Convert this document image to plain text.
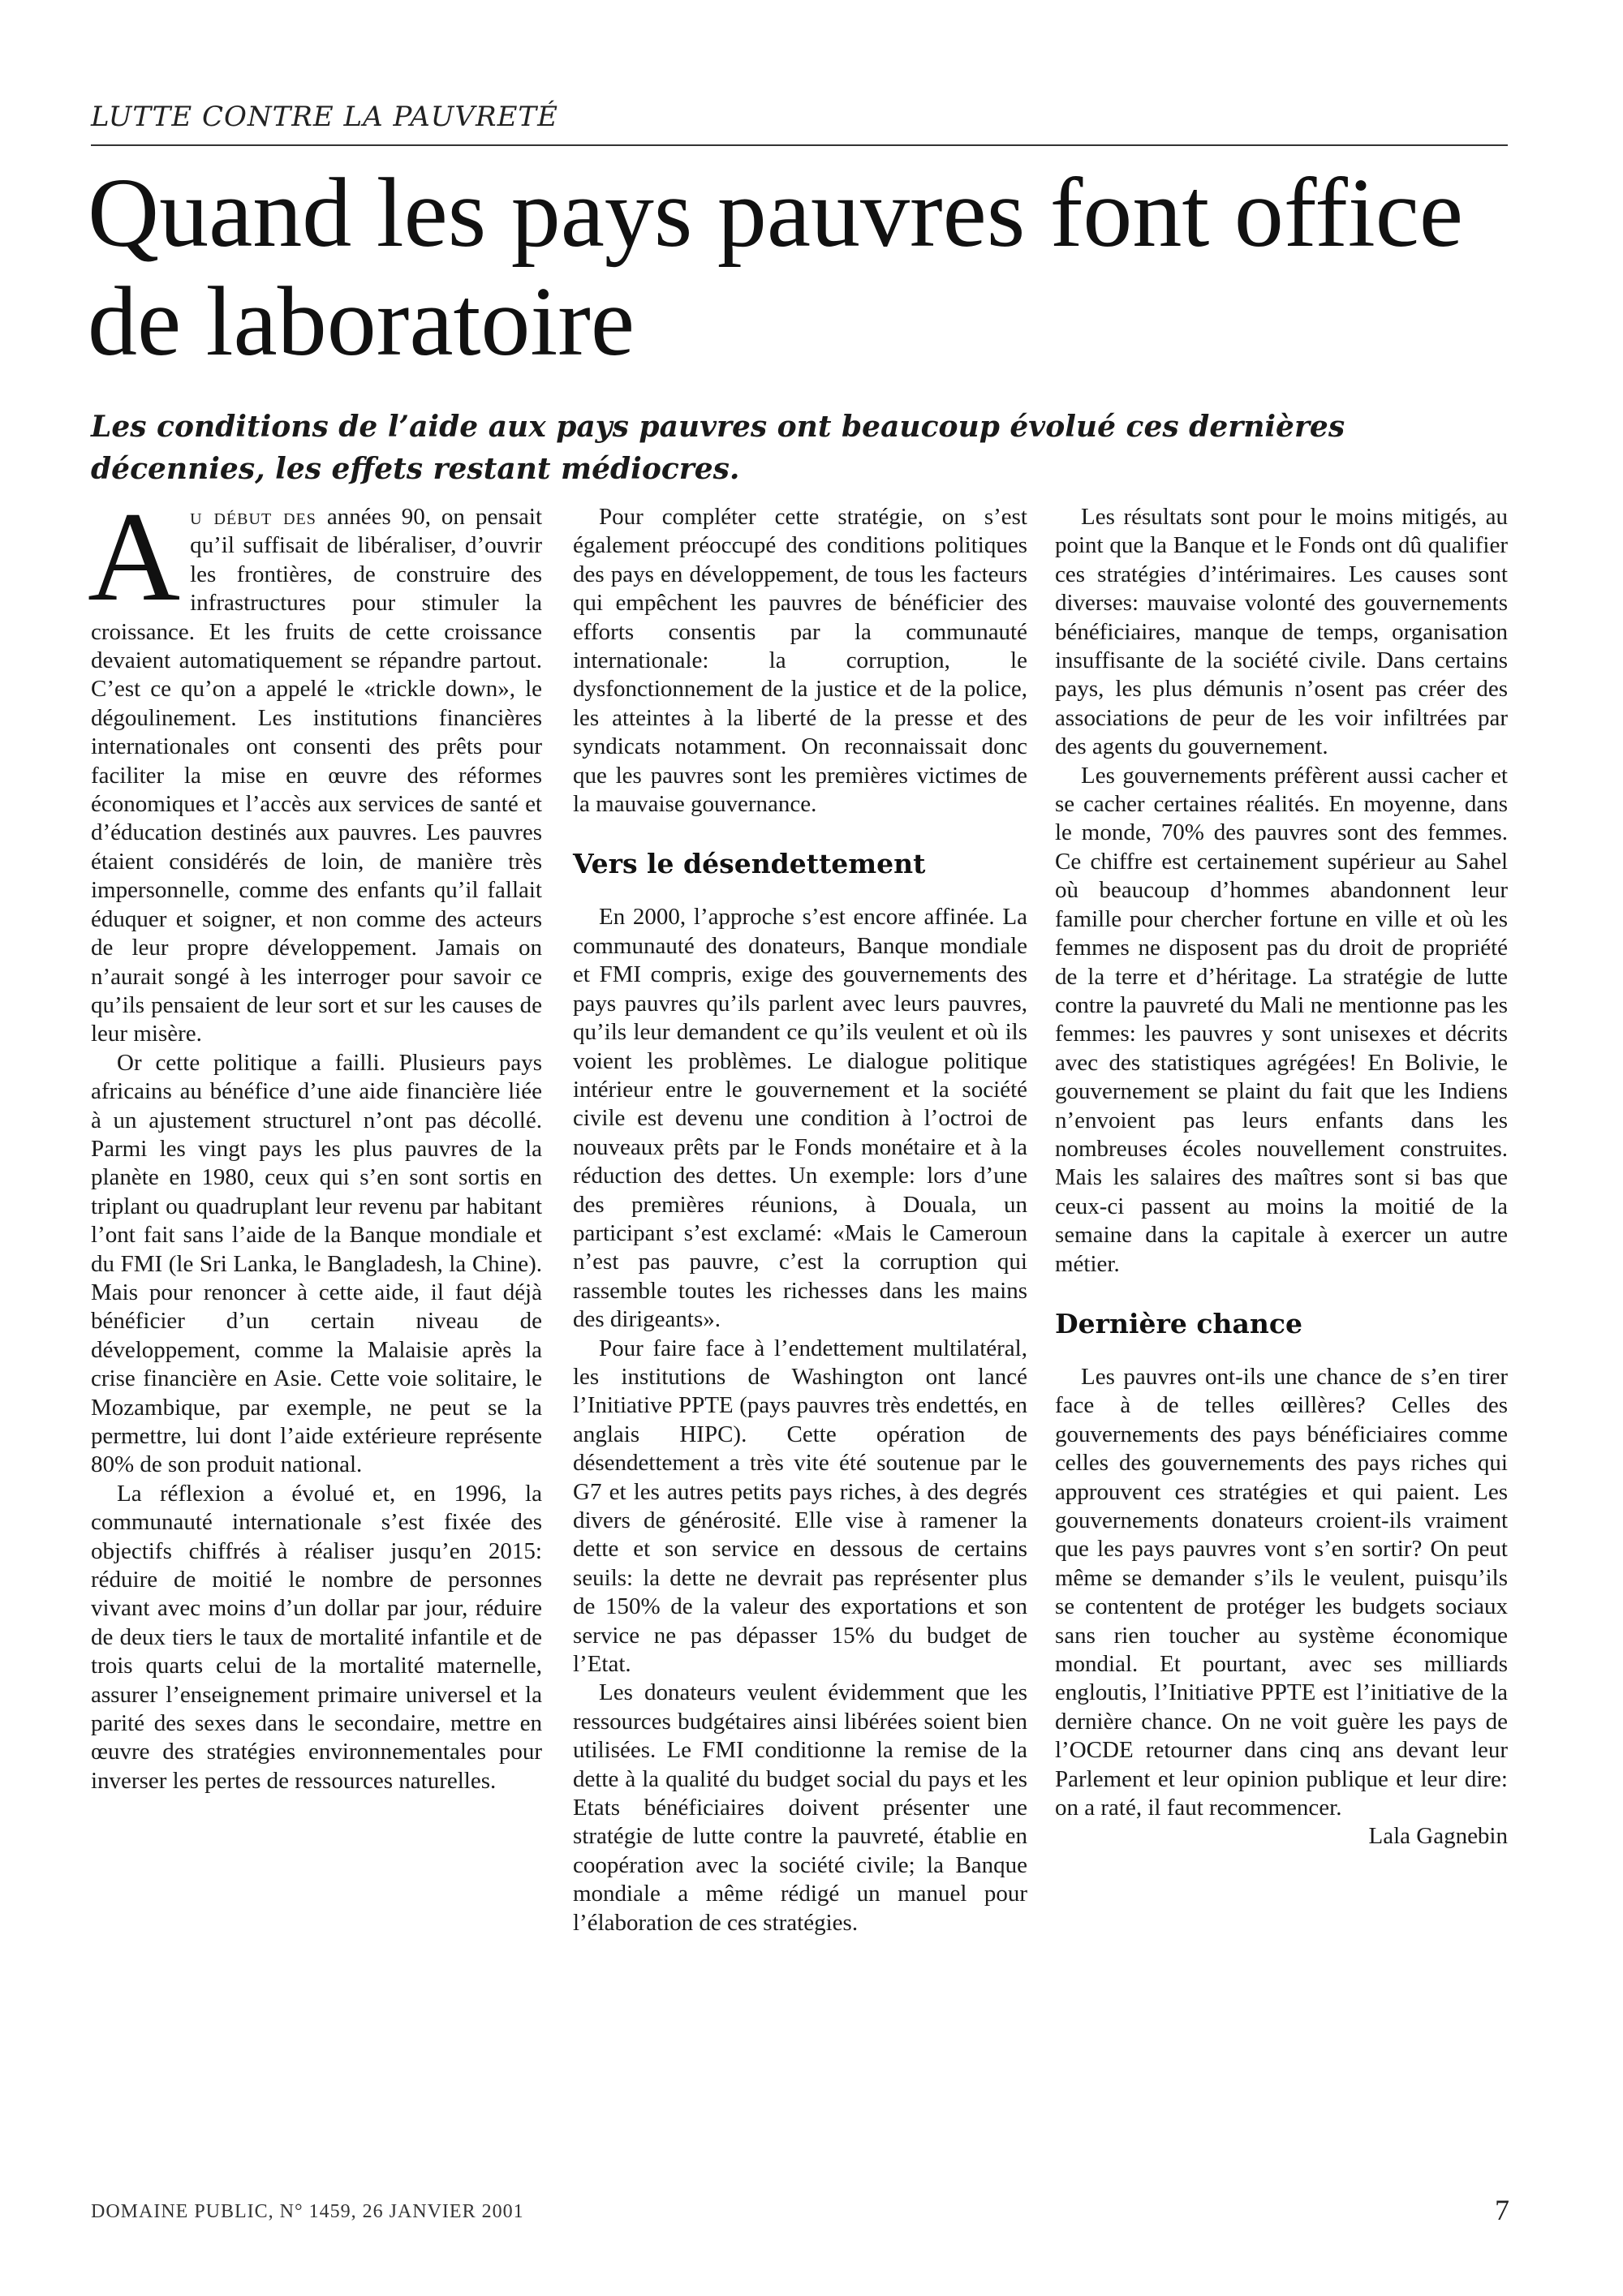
LUTTE CONTRE LA PAUVRETÉ
Quand les pays pauvres font office
de laboratoire

Les conditions de l’aide aux pays pauvres ont beaucoup évolué ces dernières
décennies, les effets restant médiocres.

Au début des années 90, on pensait qu’il suffisait de libéraliser, d’ouvrir les frontières, de construire des infrastructures pour stimuler la croissance. Et les fruits de cette croissance devaient automatiquement se répandre partout. C’est ce qu’on a appelé le «trickle down», le dégoulinement. Les institutions financières internationales ont consenti des prêts pour faciliter la mise en œuvre des réformes économiques et l’accès aux services de santé et d’éducation destinés aux pauvres. Les pauvres étaient considérés de loin, de manière très impersonnelle, comme des enfants qu’il fallait éduquer et soigner, et non comme des acteurs de leur propre développement. Jamais on n’aurait songé à les interroger pour savoir ce qu’ils pensaient de leur sort et sur les causes de leur misère.

Or cette politique a failli. Plusieurs pays africains au bénéfice d’une aide financière liée à un ajustement structurel n’ont pas décollé. Parmi les vingt pays les plus pauvres de la planète en 1980, ceux qui s’en sont sortis en triplant ou quadruplant leur revenu par habitant l’ont fait sans l’aide de la Banque mondiale et du FMI (le Sri Lanka, le Bangladesh, la Chine). Mais pour renoncer à cette aide, il faut déjà bénéficier d’un certain niveau de développement, comme la Malaisie après la crise financière en Asie. Cette voie solitaire, le Mozambique, par exemple, ne peut se la permettre, lui dont l’aide extérieure représente 80% de son produit national.

La réflexion a évolué et, en 1996, la communauté internationale s’est fixée des objectifs chiffrés à réaliser jusqu’en 2015: réduire de moitié le nombre de personnes vivant avec moins d’un dollar par jour, réduire de deux tiers le taux de mortalité infantile et de trois quarts celui de la mortalité maternelle, assurer l’enseignement primaire universel et la parité des sexes dans le secondaire, mettre en œuvre des stratégies environnementales pour inverser les pertes de ressources naturelles.

Pour compléter cette stratégie, on s’est également préoccupé des conditions politiques des pays en développement, de tous les facteurs qui empêchent les pauvres de bénéficier des efforts consentis par la communauté internationale: la corruption, le dysfonctionnement de la justice et de la police, les atteintes à la liberté de la presse et des syndicats notamment. On reconnaissait donc que les pauvres sont les premières victimes de la mauvaise gouvernance.

Vers le désendettement

En 2000, l’approche s’est encore affinée. La communauté des donateurs, Banque mondiale et FMI compris, exige des gouvernements des pays pauvres qu’ils parlent avec leurs pauvres, qu’ils leur demandent ce qu’ils veulent et où ils voient les problèmes. Le dialogue politique intérieur entre le gouvernement et la société civile est devenu une condition à l’octroi de nouveaux prêts par le Fonds monétaire et à la réduction des dettes. Un exemple: lors d’une des premières réunions, à Douala, un participant s’est exclamé: «Mais le Cameroun n’est pas pauvre, c’est la corruption qui rassemble toutes les richesses dans les mains des dirigeants».

Pour faire face à l’endettement multilatéral, les institutions de Washington ont lancé l’Initiative PPTE (pays pauvres très endettés, en anglais HIPC). Cette opération de désendettement a très vite été soutenue par le G7 et les autres petits pays riches, à des degrés divers de générosité. Elle vise à ramener la dette et son service en dessous de certains seuils: la dette ne devrait pas représenter plus de 150% de la valeur des exportations et son service ne pas dépasser 15% du budget de l’Etat.

Les donateurs veulent évidemment que les ressources budgétaires ainsi libérées soient bien utilisées. Le FMI conditionne la remise de la dette à la qualité du budget social du pays et les Etats bénéficiaires doivent présenter une stratégie de lutte contre la pauvreté, établie en coopération avec la société civile; la Banque mondiale a même rédigé un manuel pour l’élaboration de ces stratégies.

Les résultats sont pour le moins mitigés, au point que la Banque et le Fonds ont dû qualifier ces stratégies d’intérimaires. Les causes sont diverses: mauvaise volonté des gouvernements bénéficiaires, manque de temps, organisation insuffisante de la société civile. Dans certains pays, les plus démunis n’osent pas créer des associations de peur de les voir infiltrées par des agents du gouvernement.

Les gouvernements préfèrent aussi cacher et se cacher certaines réalités. En moyenne, dans le monde, 70% des pauvres sont des femmes. Ce chiffre est certainement supérieur au Sahel où beaucoup d’hommes abandonnent leur famille pour chercher fortune en ville et où les femmes ne disposent pas du droit de propriété de la terre et d’héritage. La stratégie de lutte contre la pauvreté du Mali ne mentionne pas les femmes: les pauvres y sont unisexes et décrits avec des statistiques agrégées! En Bolivie, le gouvernement se plaint du fait que les Indiens n’envoient pas leurs enfants dans les nombreuses écoles nouvellement construites. Mais les salaires des maîtres sont si bas que ceux-ci passent au moins la moitié de la semaine dans la capitale à exercer un autre métier.

Dernière chance

Les pauvres ont-ils une chance de s’en tirer face à de telles œillères? Celles des gouvernements des pays bénéficiaires comme celles des gouvernements des pays riches qui approuvent ces stratégies et qui paient. Les gouvernements donateurs croient-ils vraiment que les pays pauvres vont s’en sortir? On peut même se demander s’ils le veulent, puisqu’ils se contentent de protéger les budgets sociaux sans rien toucher au système économique mondial. Et pourtant, avec ses milliards engloutis, l’Initiative PPTE est l’initiative de la dernière chance. On ne voit guère les pays de l’OCDE retourner dans cinq ans devant leur Parlement et leur opinion publique et leur dire: on a raté, il faut recommencer.

Lala Gagnebin

DOMAINE PUBLIC, N° 1459, 26 JANVIER 2001	7
